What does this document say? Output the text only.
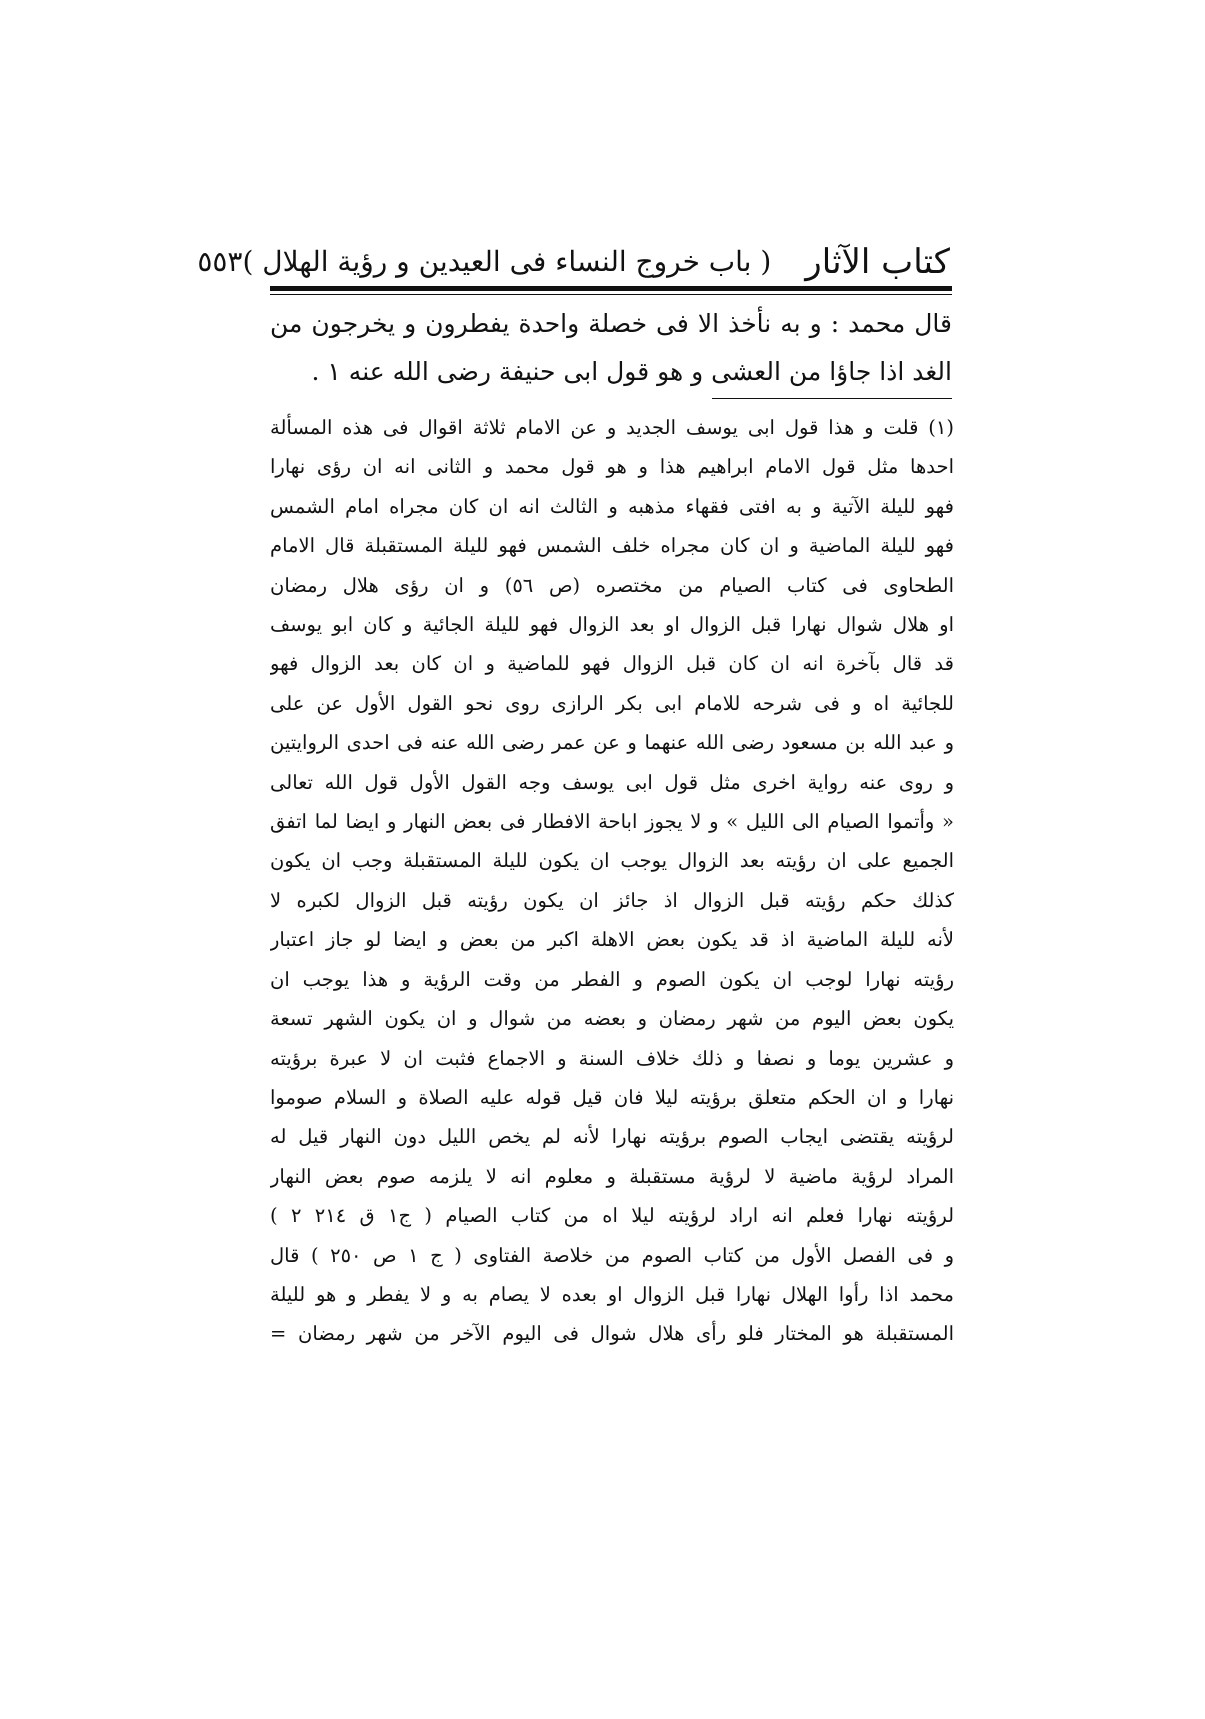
كتاب الآثار
( باب خروج النساء فى العيدين و رؤية الهلال )
٥٥٣

قال محمد : و به نأخذ الا فى خصلة واحدة يفطرون و يخرجون من الغد اذا جاؤا من العشى و هو قول ابى حنيفة رضى الله عنه ١ .

(١) قلت و هذا قول ابى يوسف الجديد و عن الامام ثلاثة اقوال فى هذه المسألة
احدها مثل قول الامام ابراهيم هذا و هو قول محمد و الثانى انه ان رؤى نهارا
فهو لليلة الآتية و به افتى فقهاء مذهبه و الثالث انه ان كان مجراه امام الشمس
فهو لليلة الماضية و ان كان مجراه خلف الشمس فهو لليلة المستقبلة قال الامام
الطحاوى فى كتاب الصيام من مختصره (ص ٥٦) و ان رؤى هلال رمضان
او هلال شوال نهارا قبل الزوال او بعد الزوال فهو لليلة الجائية و كان ابو يوسف
قد قال بآخرة انه ان كان قبل الزوال فهو للماضية و ان كان بعد الزوال فهو
للجائية اه و فى شرحه للامام ابى بكر الرازى روى نحو القول الأول عن على
و عبد الله بن مسعود رضى الله عنهما و عن عمر رضى الله عنه فى احدى الروايتين
و روى عنه رواية اخرى مثل قول ابى يوسف وجه القول الأول قول الله تعالى
« وأتموا الصيام الى الليل » و لا يجوز اباحة الافطار فى بعض النهار و ايضا لما اتفق
الجميع على ان رؤيته بعد الزوال يوجب ان يكون لليلة المستقبلة وجب ان يكون
كذلك حكم رؤيته قبل الزوال اذ جائز ان يكون رؤيته قبل الزوال لكبره لا
لأنه لليلة الماضية اذ قد يكون بعض الاهلة اكبر من بعض و ايضا لو جاز اعتبار
رؤيته نهارا لوجب ان يكون الصوم و الفطر من وقت الرؤية و هذا يوجب ان
يكون بعض اليوم من شهر رمضان و بعضه من شوال و ان يكون الشهر تسعة
و عشرين يوما و نصفا و ذلك خلاف السنة و الاجماع فثبت ان لا عبرة برؤيته
نهارا و ان الحكم متعلق برؤيته ليلا فان قيل قوله عليه الصلاة و السلام صوموا
لرؤيته يقتضى ايجاب الصوم برؤيته نهارا لأنه لم يخص الليل دون النهار قيل له
المراد لرؤية ماضية لا لرؤية مستقبلة و معلوم انه لا يلزمه صوم بعض النهار
لرؤيته نهارا فعلم انه اراد لرؤيته ليلا اه من كتاب الصيام ( ج١ ق ٢١٤ ٢ )
و فى الفصل الأول من كتاب الصوم من خلاصة الفتاوى ( ج ١ ص ٢٥٠ ) قال
محمد اذا رأوا الهلال نهارا قبل الزوال او بعده لا يصام به و لا يفطر و هو لليلة
المستقبلة هو المختار فلو رأى هلال شوال فى اليوم الآخر من شهر رمضان =
